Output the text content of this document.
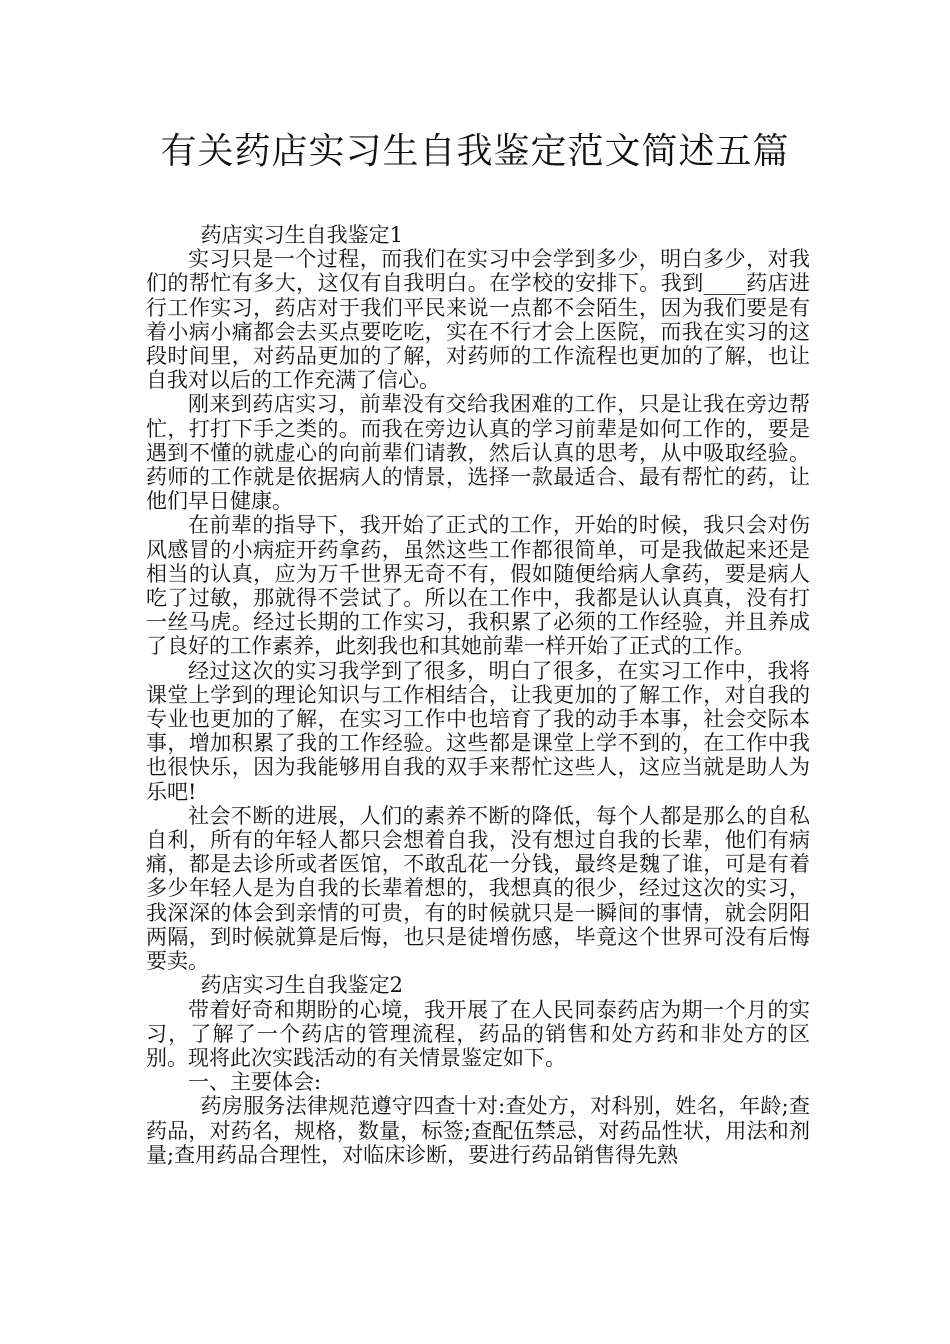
有关药店实习生自我鉴定范文简述五篇

药店实习生自我鉴定1

实习只是一个过程，而我们在实习中会学到多少，明白多少，对我们的帮忙有多大，这仅有自我明白。在学校的安排下。我到____药店进行工作实习，药店对于我们平民来说一点都不会陌生，因为我们要是有着小病小痛都会去买点要吃吃，实在不行才会上医院，而我在实习的这段时间里，对药品更加的了解，对药师的工作流程也更加的了解，也让自我对以后的工作充满了信心。

刚来到药店实习，前辈没有交给我困难的工作，只是让我在旁边帮忙，打打下手之类的。而我在旁边认真的学习前辈是如何工作的，要是遇到不懂的就虚心的向前辈们请教，然后认真的思考，从中吸取经验。药师的工作就是依据病人的情景，选择一款最适合、最有帮忙的药，让他们早日健康。

在前辈的指导下，我开始了正式的工作，开始的时候，我只会对伤风感冒的小病症开药拿药，虽然这些工作都很简单，可是我做起来还是相当的认真，应为万千世界无奇不有，假如随便给病人拿药，要是病人吃了过敏，那就得不尝试了。所以在工作中，我都是认认真真，没有打一丝马虎。经过长期的工作实习，我积累了必须的工作经验，并且养成了良好的工作素养，此刻我也和其她前辈一样开始了正式的工作。

经过这次的实习我学到了很多，明白了很多，在实习工作中，我将课堂上学到的理论知识与工作相结合，让我更加的了解工作，对自我的专业也更加的了解，在实习工作中也培育了我的动手本事，社会交际本事，增加积累了我的工作经验。这些都是课堂上学不到的，在工作中我也很快乐，因为我能够用自我的双手来帮忙这些人，这应当就是助人为乐吧!

社会不断的进展，人们的素养不断的降低，每个人都是那么的自私自利，所有的年轻人都只会想着自我，没有想过自我的长辈，他们有病痛，都是去诊所或者医馆，不敢乱花一分钱，最终是魏了谁，可是有着多少年轻人是为自我的长辈着想的，我想真的很少，经过这次的实习，我深深的体会到亲情的可贵，有的时候就只是一瞬间的事情，就会阴阳两隔，到时候就算是后悔，也只是徒增伤感，毕竟这个世界可没有后悔要卖。

药店实习生自我鉴定2

带着好奇和期盼的心境，我开展了在人民同泰药店为期一个月的实习，了解了一个药店的管理流程，药品的销售和处方药和非处方的区别。现将此次实践活动的有关情景鉴定如下。

一、主要体会:

药房服务法律规范遵守四查十对:查处方，对科别，姓名，年龄;查药品，对药名，规格，数量，标签;查配伍禁忌，对药品性状，用法和剂量;查用药品合理性，对临床诊断，要进行药品销售得先熟
